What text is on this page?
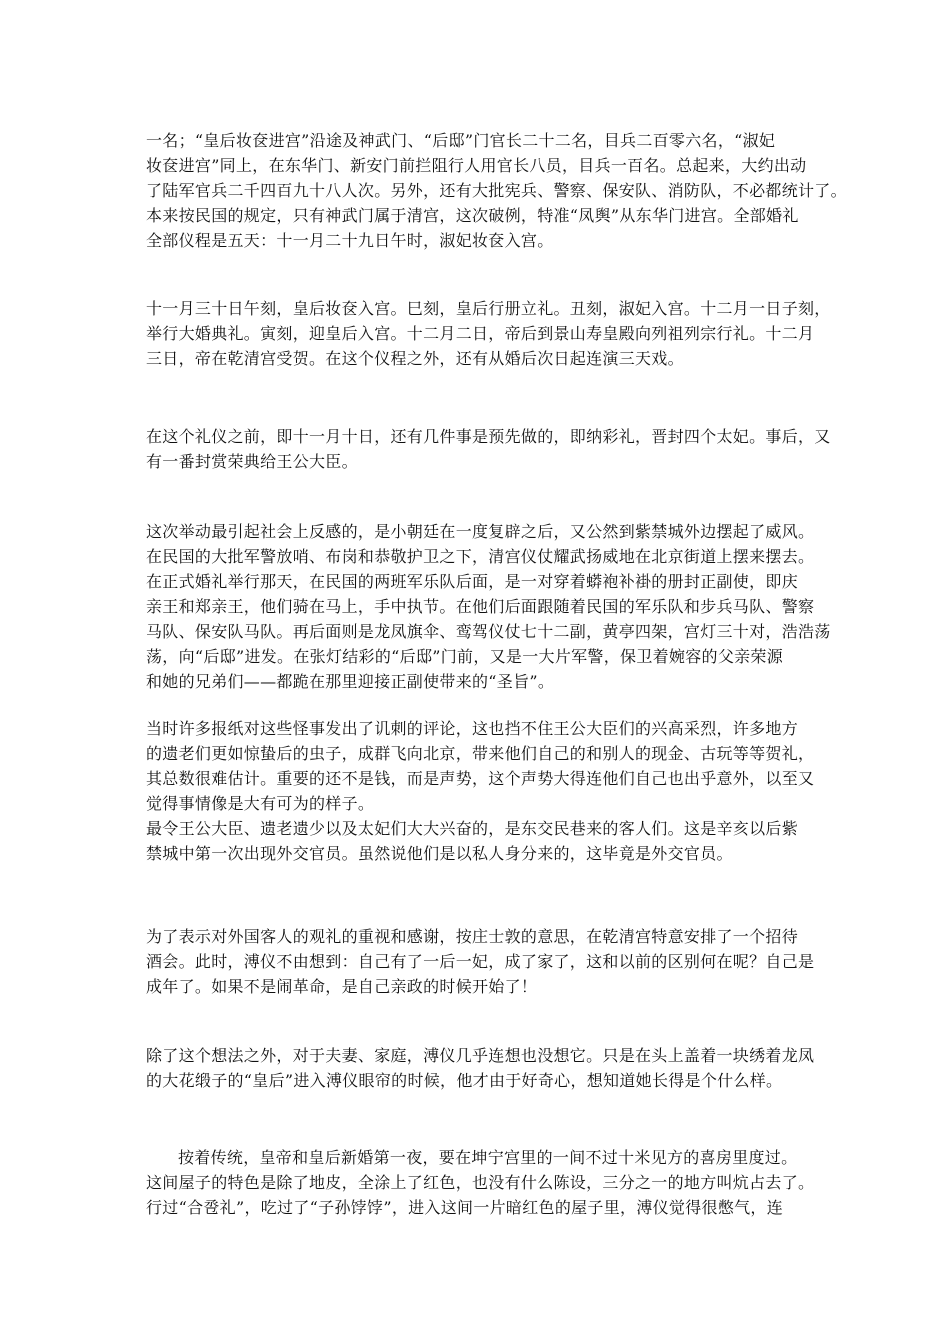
一名；“皇后妆奁进宫”沿途及神武门、“后邸”门官长二十二名，目兵二百零六名，“淑妃
妆奁进宫”同上，在东华门、新安门前拦阻行人用官长八员，目兵一百名。总起来，大约出动
了陆军官兵二千四百九十八人次。另外，还有大批宪兵、警察、保安队、消防队，不必都统计了。
本来按民国的规定，只有神武门属于清宫，这次破例，特准“凤舆”从东华门进宫。全部婚礼
全部仪程是五天：十一月二十九日午时，淑妃妆奁入宫。
十一月三十日午刻，皇后妆奁入宫。巳刻，皇后行册立礼。丑刻，淑妃入宫。十二月一日子刻，
举行大婚典礼。寅刻，迎皇后入宫。十二月二日，帝后到景山寿皇殿向列祖列宗行礼。十二月
三日，帝在乾清宫受贺。在这个仪程之外，还有从婚后次日起连演三天戏。
在这个礼仪之前，即十一月十日，还有几件事是预先做的，即纳彩礼，晋封四个太妃。事后，又
有一番封赏荣典给王公大臣。
这次举动最引起社会上反感的，是小朝廷在一度复辟之后，又公然到紫禁城外边摆起了威风。
在民国的大批军警放哨、布岗和恭敬护卫之下，清宫仪仗耀武扬威地在北京街道上摆来摆去。
在正式婚礼举行那天，在民国的两班军乐队后面，是一对穿着蟒袍补褂的册封正副使，即庆
亲王和郑亲王，他们骑在马上，手中执节。在他们后面跟随着民国的军乐队和步兵马队、警察
马队、保安队马队。再后面则是龙凤旗伞、鸾驾仪仗七十二副，黄亭四架，宫灯三十对，浩浩荡
荡，向“后邸”进发。在张灯结彩的“后邸”门前，又是一大片军警，保卫着婉容的父亲荣源
和她的兄弟们——都跪在那里迎接正副使带来的“圣旨”。
当时许多报纸对这些怪事发出了讥刺的评论，这也挡不住王公大臣们的兴高采烈，许多地方
的遗老们更如惊蛰后的虫子，成群飞向北京，带来他们自己的和别人的现金、古玩等等贺礼，
其总数很难估计。重要的还不是钱，而是声势，这个声势大得连他们自己也出乎意外，以至又
觉得事情像是大有可为的样子。
最令王公大臣、遗老遗少以及太妃们大大兴奋的，是东交民巷来的客人们。这是辛亥以后紫
禁城中第一次出现外交官员。虽然说他们是以私人身分来的，这毕竟是外交官员。
为了表示对外国客人的观礼的重视和感谢，按庄士敦的意思，在乾清宫特意安排了一个招待
酒会。此时，溥仪不由想到：自己有了一后一妃，成了家了，这和以前的区别何在呢？自己是
成年了。如果不是闹革命，是自己亲政的时候开始了！
除了这个想法之外，对于夫妻、家庭，溥仪几乎连想也没想它。只是在头上盖着一块绣着龙凤
的大花缎子的“皇后”进入溥仪眼帘的时候，他才由于好奇心，想知道她长得是个什么样。
按着传统，皇帝和皇后新婚第一夜，要在坤宁宫里的一间不过十米见方的喜房里度过。
这间屋子的特色是除了地皮，全涂上了红色，也没有什么陈设，三分之一的地方叫炕占去了。
行过“合卺礼”，吃过了“子孙饽饽”，进入这间一片暗红色的屋子里，溥仪觉得很憋气，连
